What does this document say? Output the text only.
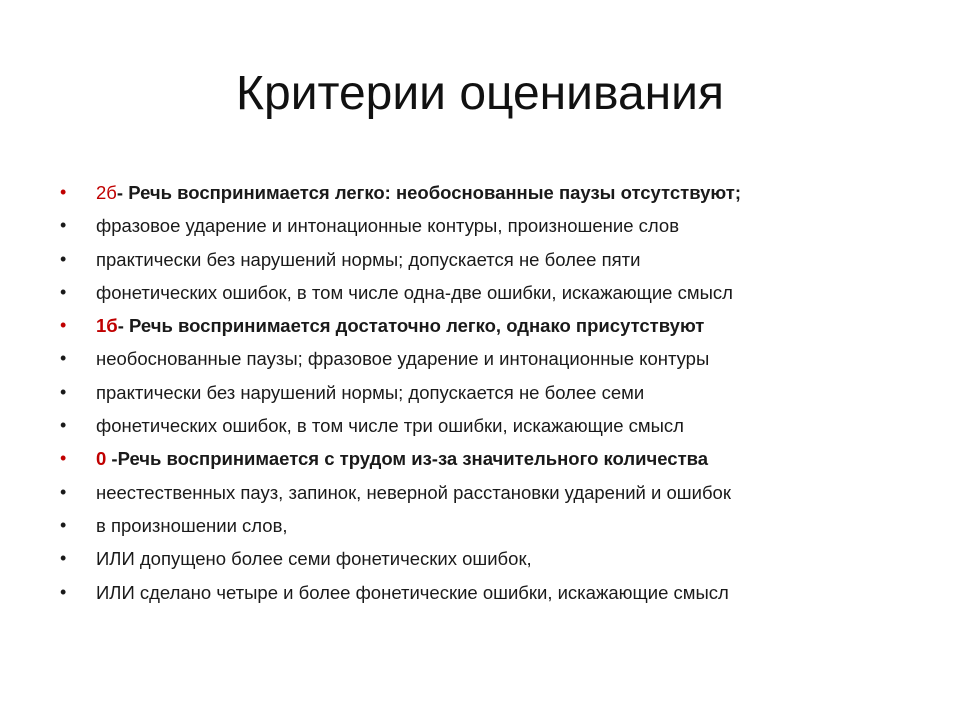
Критерии оценивания
•	2б- Речь воспринимается легко: необоснованные паузы отсутствуют;
•	фразовое ударение и интонационные контуры, произношение слов
•	практически без нарушений нормы; допускается не более пяти
•	фонетических ошибок, в том числе одна-две ошибки, искажающие смысл
•	1б- Речь воспринимается достаточно легко, однако присутствуют
•	необоснованные паузы; фразовое ударение и интонационные контуры
•	практически без нарушений нормы; допускается не более семи
•	фонетических ошибок, в том числе три ошибки, искажающие смысл
•	0 -Речь воспринимается с трудом из-за значительного количества
•	неестественных пауз, запинок, неверной расстановки ударений и ошибок
•	в произношении слов,
•	ИЛИ допущено более семи фонетических ошибок,
•	ИЛИ сделано четыре и более фонетические ошибки, искажающие смысл
